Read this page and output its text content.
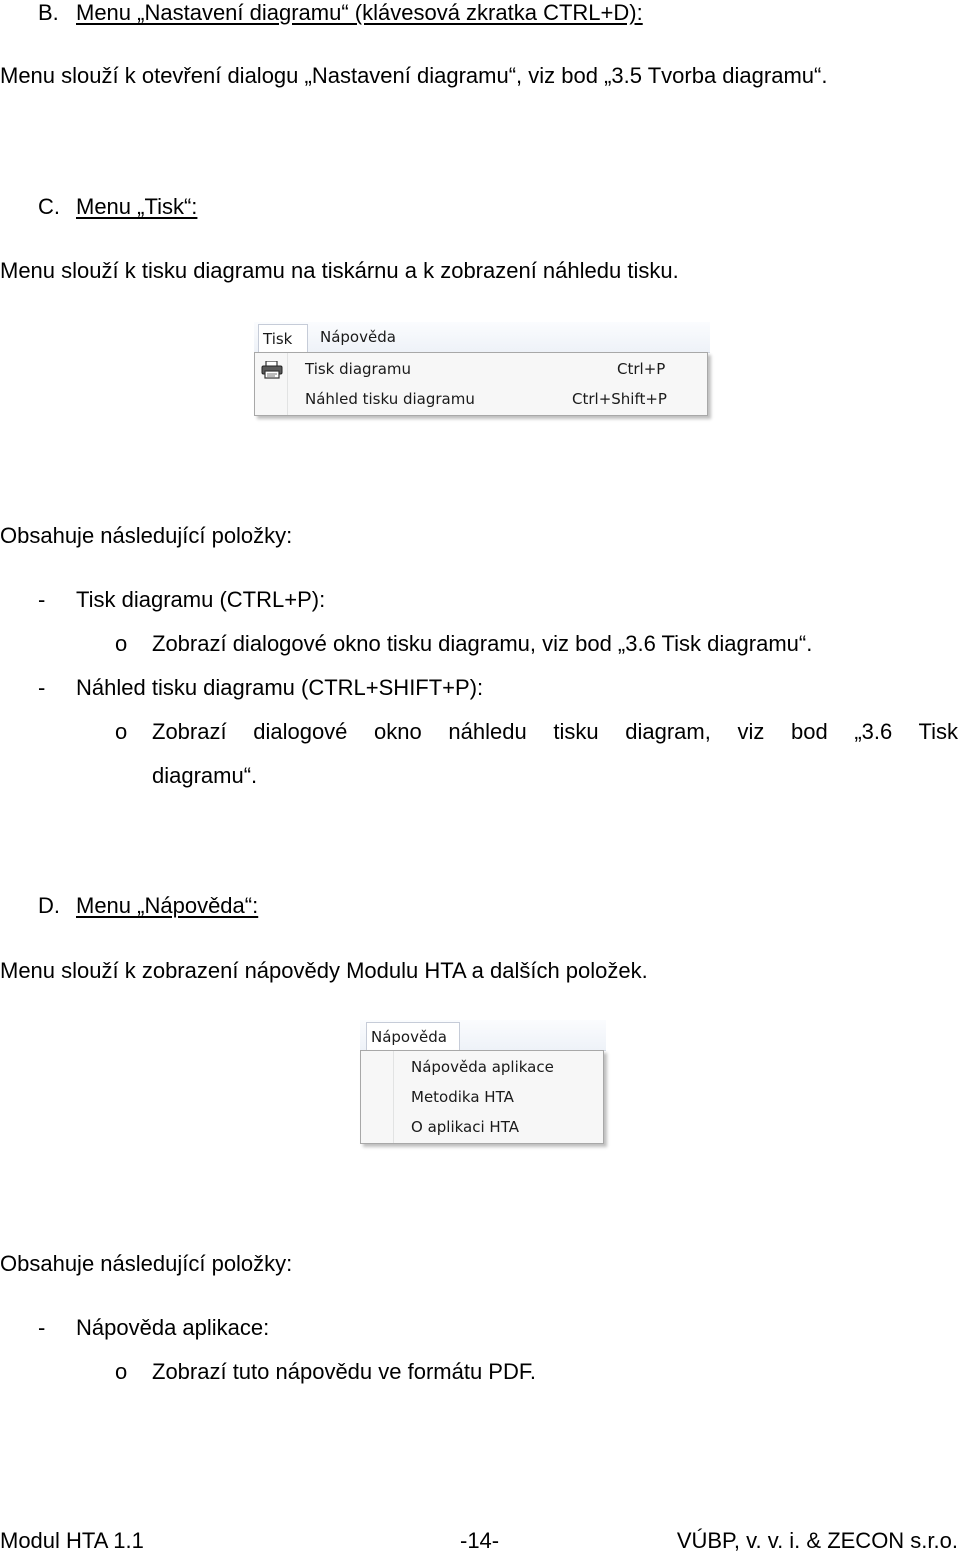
B. Menu „Nastavení diagramu“ (klávesová zkratka CTRL+D):
Menu slouží k otevření dialogu „Nastavení diagramu“, viz bod „3.5 Tvorba diagramu“.
C. Menu „Tisk“:
Menu slouží k tisku diagramu na tiskárnu a k zobrazení náhledu tisku.
Tisk	Nápověda
Tisk diagramu	Ctrl+P
Náhled tisku diagramu	Ctrl+Shift+P
Obsahuje následující položky:
- Tisk diagramu (CTRL+P):
o Zobrazí dialogové okno tisku diagramu, viz bod „3.6 Tisk diagramu“.
- Náhled tisku diagramu (CTRL+SHIFT+P):
o Zobrazí dialogové okno náhledu tisku diagram, viz bod „3.6 Tisk
diagramu“.
D. Menu „Nápověda“:
Menu slouží k zobrazení nápovědy Modulu HTA a dalších položek.
Nápověda
Nápověda aplikace
Metodika HTA
O aplikaci HTA
Obsahuje následující položky:
- Nápověda aplikace:
o Zobrazí tuto nápovědu ve formátu PDF.
Modul HTA 1.1	-14-	VÚBP, v. v. i. & ZECON s.r.o.
